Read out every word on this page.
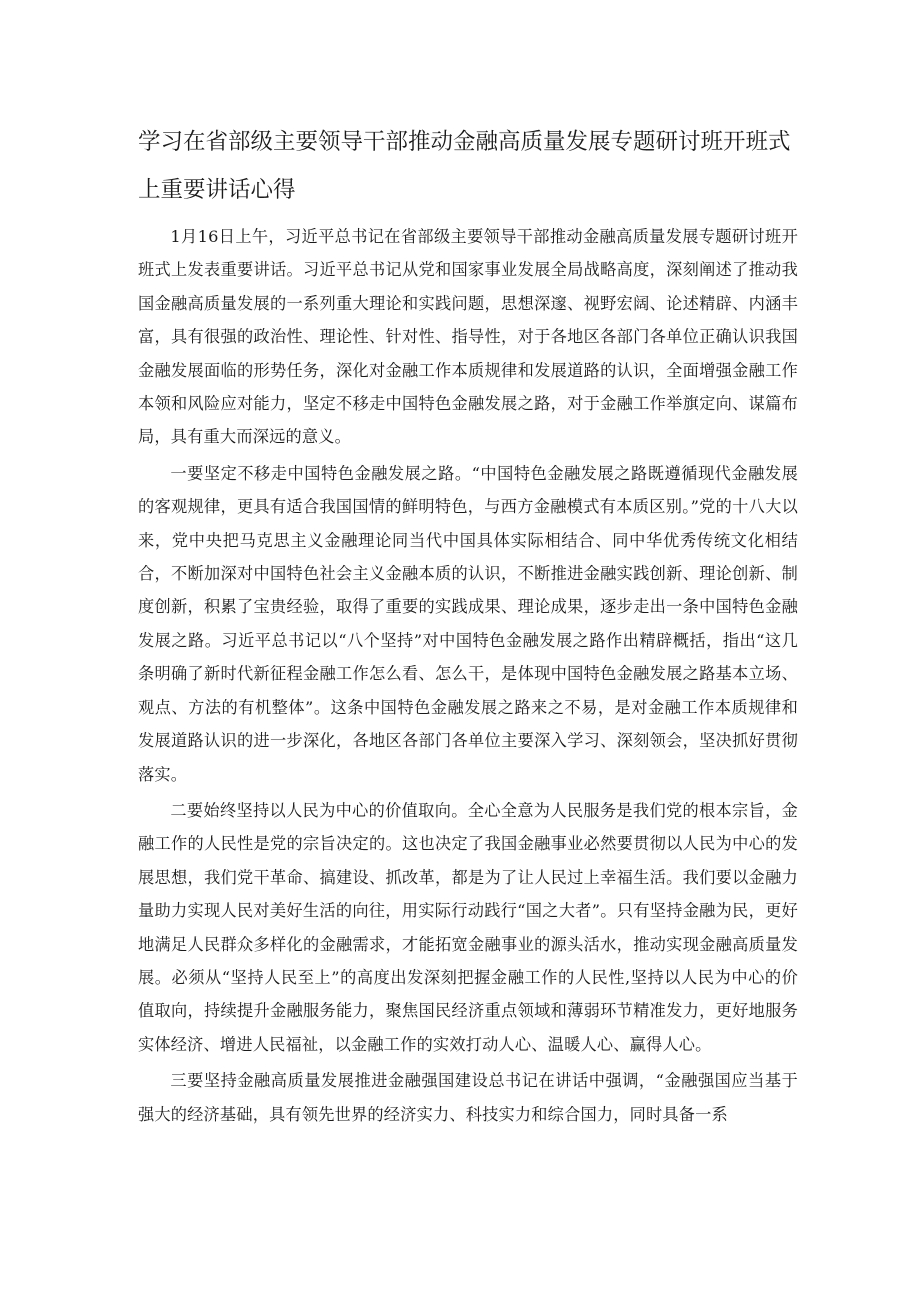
学习在省部级主要领导干部推动金融高质量发展专题研讨班开班式
上重要讲话心得

1月16日上午，习近平总书记在省部级主要领导干部推动金融高质量发展专题研讨班开班式上发表重要讲话。习近平总书记从党和国家事业发展全局战略高度，深刻阐述了推动我国金融高质量发展的一系列重大理论和实践问题，思想深邃、视野宏阔、论述精辟、内涵丰富，具有很强的政治性、理论性、针对性、指导性，对于各地区各部门各单位正确认识我国金融发展面临的形势任务，深化对金融工作本质规律和发展道路的认识，全面增强金融工作本领和风险应对能力，坚定不移走中国特色金融发展之路，对于金融工作举旗定向、谋篇布局，具有重大而深远的意义。

一要坚定不移走中国特色金融发展之路。“中国特色金融发展之路既遵循现代金融发展的客观规律，更具有适合我国国情的鲜明特色，与西方金融模式有本质区别。”党的十八大以来，党中央把马克思主义金融理论同当代中国具体实际相结合、同中华优秀传统文化相结合，不断加深对中国特色社会主义金融本质的认识，不断推进金融实践创新、理论创新、制度创新，积累了宝贵经验，取得了重要的实践成果、理论成果，逐步走出一条中国特色金融发展之路。习近平总书记以“八个坚持”对中国特色金融发展之路作出精辟概括，指出“这几条明确了新时代新征程金融工作怎么看、怎么干，是体现中国特色金融发展之路基本立场、观点、方法的有机整体”。这条中国特色金融发展之路来之不易，是对金融工作本质规律和发展道路认识的进一步深化，各地区各部门各单位主要深入学习、深刻领会，坚决抓好贯彻落实。

二要始终坚持以人民为中心的价值取向。全心全意为人民服务是我们党的根本宗旨，金融工作的人民性是党的宗旨决定的。这也决定了我国金融事业必然要贯彻以人民为中心的发展思想，我们党干革命、搞建设、抓改革，都是为了让人民过上幸福生活。我们要以金融力量助力实现人民对美好生活的向往，用实际行动践行“国之大者”。只有坚持金融为民，更好地满足人民群众多样化的金融需求，才能拓宽金融事业的源头活水，推动实现金融高质量发展。必须从“坚持人民至上”的高度出发深刻把握金融工作的人民性,坚持以人民为中心的价值取向，持续提升金融服务能力，聚焦国民经济重点领域和薄弱环节精准发力，更好地服务实体经济、增进人民福祉，以金融工作的实效打动人心、温暖人心、赢得人心。

三要坚持金融高质量发展推进金融强国建设总书记在讲话中强调，“金融强国应当基于强大的经济基础，具有领先世界的经济实力、科技实力和综合国力，同时具备一系
